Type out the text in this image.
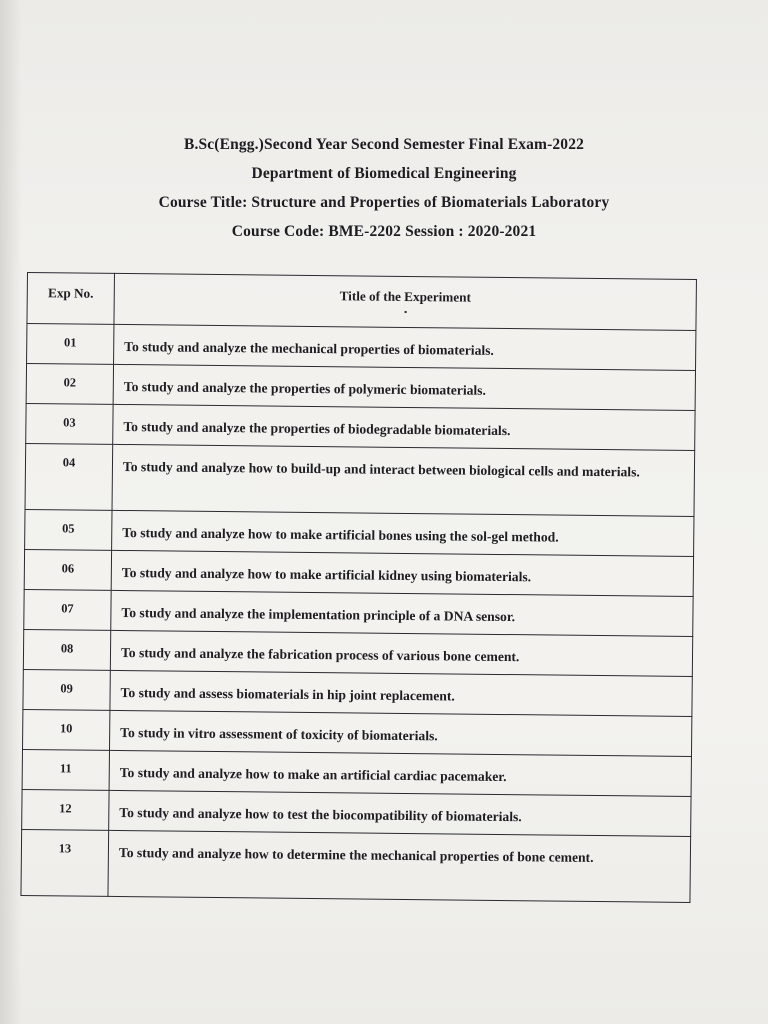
B.Sc(Engg.)Second Year Second Semester Final Exam-2022
Department of Biomedical Engineering
Course Title: Structure and Properties of Biomaterials Laboratory
Course Code: BME-2202 Session : 2020-2021
Exp No.	Title of the Experiment

01	To study and analyze the mechanical properties of biomaterials.
02	To study and analyze the properties of polymeric biomaterials.
03	To study and analyze the properties of biodegradable biomaterials.
04	To study and analyze how to build-up and interact between biological cells and materials.
05	To study and analyze how to make artificial bones using the sol-gel method.
06	To study and analyze how to make artificial kidney using biomaterials.
07	To study and analyze the implementation principle of a DNA sensor.
08	To study and analyze the fabrication process of various bone cement.
09	To study and assess biomaterials in hip joint replacement.
10	To study in vitro assessment of toxicity of biomaterials.
11	To study and analyze how to make an artificial cardiac pacemaker.
12	To study and analyze how to test the biocompatibility of biomaterials.
13	To study and analyze how to determine the mechanical properties of bone cement.
